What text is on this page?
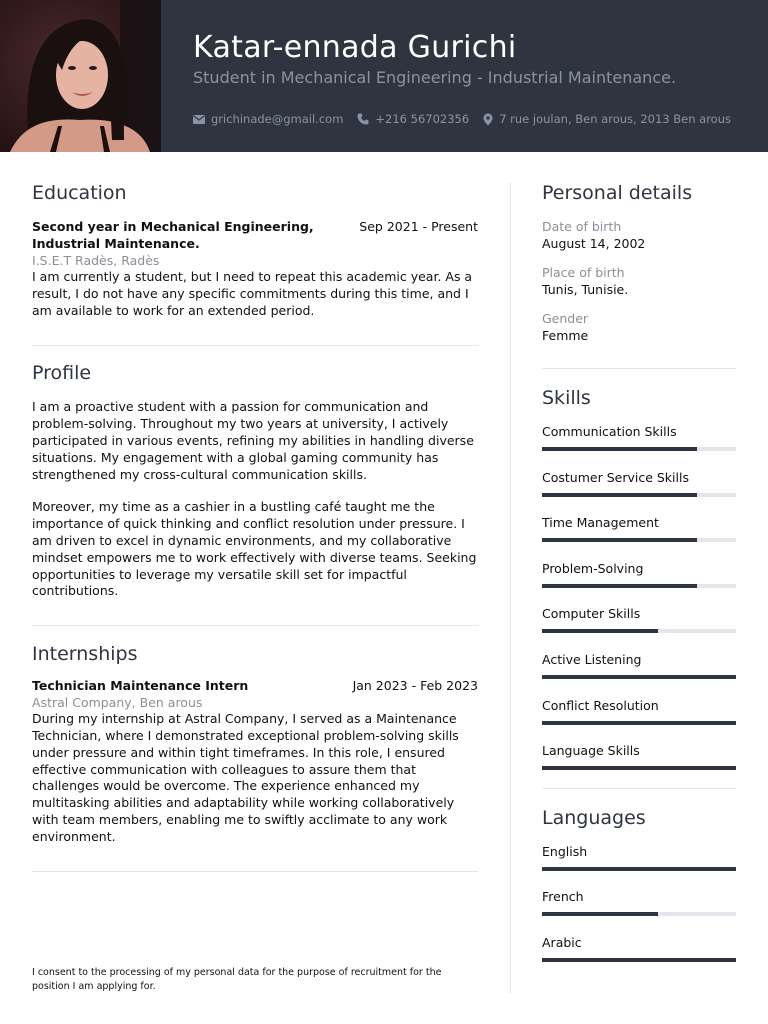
Katar-ennada Gurichi
Student in Mechanical Engineering - Industrial Maintenance.
grichinade@gmail.com	+216 56702356	7 rue joulan, Ben arous, 2013 Ben arous
Education
Second year in Mechanical Engineering, Industrial Maintenance.
Sep 2021 - Present
I.S.E.T Radès, Radès
I am currently a student, but I need to repeat this academic year. As a result, I do not have any specific commitments during this time, and I am available to work for an extended period.
Profile
I am a proactive student with a passion for communication and problem-solving. Throughout my two years at university, I actively participated in various events, refining my abilities in handling diverse situations. My engagement with a global gaming community has strengthened my cross-cultural communication skills.
Moreover, my time as a cashier in a bustling café taught me the importance of quick thinking and conflict resolution under pressure. I am driven to excel in dynamic environments, and my collaborative mindset empowers me to work effectively with diverse teams. Seeking opportunities to leverage my versatile skill set for impactful contributions.
Internships
Technician Maintenance Intern	Jan 2023 - Feb 2023
Astral Company, Ben arous
During my internship at Astral Company, I served as a Maintenance Technician, where I demonstrated exceptional problem-solving skills under pressure and within tight timeframes. In this role, I ensured effective communication with colleagues to assure them that challenges would be overcome. The experience enhanced my multitasking abilities and adaptability while working collaboratively with team members, enabling me to swiftly acclimate to any work environment.
I consent to the processing of my personal data for the purpose of recruitment for the position I am applying for.
Personal details
Date of birth
August 14, 2002
Place of birth
Tunis, Tunisie.
Gender
Femme
Skills
Communication Skills
Costumer Service Skills
Time Management
Problem-Solving
Computer Skills
Active Listening
Conflict Resolution
Language Skills
Languages
English
French
Arabic
